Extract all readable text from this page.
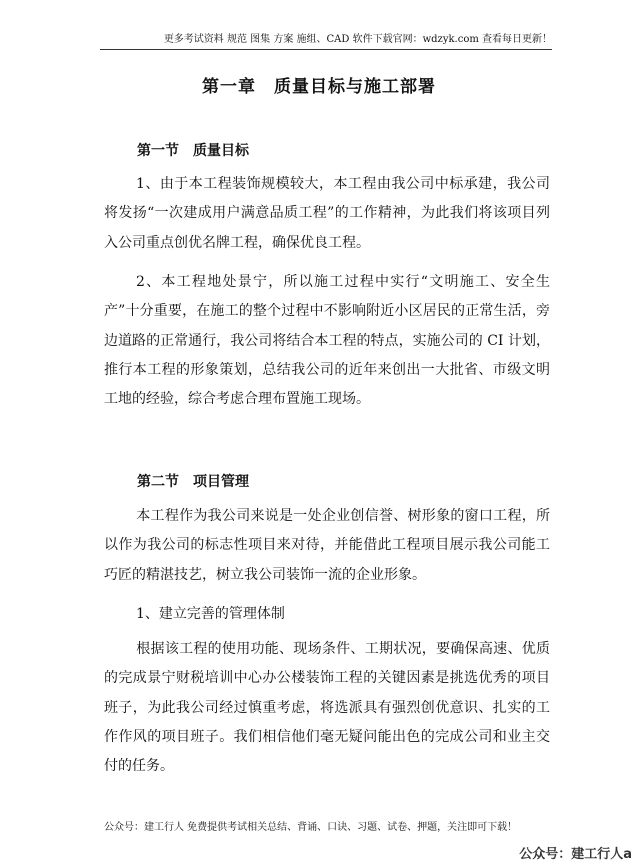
更多考试资料 规范 图集 方案 施组、CAD 软件下载官网：wdzyk.com 查看每日更新！
第一章　质量目标与施工部署
第一节　质量目标
1、由于本工程装饰规模较大，本工程由我公司中标承建，我公司将发扬“一次建成用户满意品质工程”的工作精神，为此我们将该项目列入公司重点创优名牌工程，确保优良工程。
2、本工程地处景宁，所以施工过程中实行“文明施工、安全生产”十分重要，在施工的整个过程中不影响附近小区居民的正常生活，旁边道路的正常通行，我公司将结合本工程的特点，实施公司的 CI 计划，推行本工程的形象策划，总结我公司的近年来创出一大批省、市级文明工地的经验，综合考虑合理布置施工现场。
第二节　项目管理
本工程作为我公司来说是一处企业创信誉、树形象的窗口工程，所以作为我公司的标志性项目来对待，并能借此工程项目展示我公司能工巧匠的精湛技艺，树立我公司装饰一流的企业形象。
1、建立完善的管理体制
根据该工程的使用功能、现场条件、工期状况，要确保高速、优质的完成景宁财税培训中心办公楼装饰工程的关键因素是挑选优秀的项目班子，为此我公司经过慎重考虑，将选派具有强烈创优意识、扎实的工作作风的项目班子。我们相信他们毫无疑问能出色的完成公司和业主交付的任务。
公众号：建工行人 免费提供考试相关总结、背诵、口诀、习题、试卷、押题，关注即可下载！
公众号：建工行人a
